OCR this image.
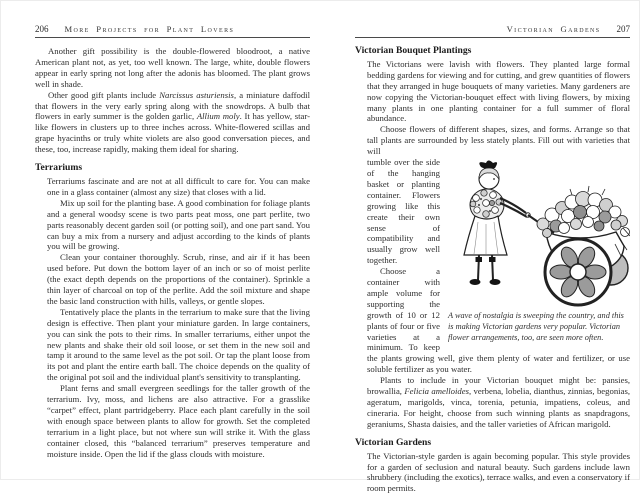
206 More Projects for Plant Lovers

Another gift possibility is the double-flowered bloodroot, a native American plant not, as yet, too well known. The large, white, double flowers appear in early spring not long after the adonis has bloomed. The plant grows well in shade.

Other good gift plants include Narcissus asturiensis, a miniature daffodil that flowers in the very early spring along with the snowdrops. A bulb that flowers in early summer is the golden garlic, Allium moly. It has yellow, star-like flowers in clusters up to three inches across. White-flowered scillas and grape hyacinths or truly white violets are also good conversation pieces, and these, too, increase rapidly, making them ideal for sharing.

Terrariums

Terrariums fascinate and are not at all difficult to care for. You can make one in a glass container (almost any size) that closes with a lid.

Mix up soil for the planting base. A good combination for foliage plants and a general woodsy scene is two parts peat moss, one part perlite, two parts reasonably decent garden soil (or potting soil), and one part sand. You can buy a mix from a nursery and adjust according to the kinds of plants you will be growing.

Clean your container thoroughly. Scrub, rinse, and air if it has been used before. Put down the bottom layer of an inch or so of moist perlite (the exact depth depends on the proportions of the container). Sprinkle a thin layer of charcoal on top of the perlite. Add the soil mixture and shape the basic land construction with hills, valleys, or gentle slopes.

Tentatively place the plants in the terrarium to make sure that the living design is effective. Then plant your miniature garden. In large containers, you can sink the pots to their rims. In smaller terrariums, either unpot the new plants and shake their old soil loose, or set them in the new soil and tamp it around to the same level as the pot soil. Or tap the plant loose from its pot and plant the entire earth ball. The choice depends on the quality of the original pot soil and the individual plant's sensitivity to transplanting.

Plant ferns and small evergreen seedlings for the taller growth of the terrarium. Ivy, moss, and lichens are also attractive. For a grasslike “carpet” effect, plant partridgeberry. Place each plant carefully in the soil with enough space between plants to allow for growth. Set the completed terrarium in a light place, but not where sun will strike it. With the glass container closed, this “balanced terrarium” preserves temperature and moisture inside. Open the lid if the glass clouds with moisture.

Victorian Gardens 207
Victorian Bouquet Plantings

The Victorians were lavish with flowers. They planted large formal bedding gardens for viewing and for cutting, and grew quantities of flowers that they arranged in huge bouquets of many varieties. Many gardeners are now copying the Victorian-bouquet effect with living flowers, by mixing many plants in one planting container for a full summer of floral abundance.

Choose flowers of different shapes, sizes, and forms. Arrange so that tall plants are surrounded by less stately plants. Fill out with varieties that will

A wave of nostalgia is sweeping the country, and this is making Victorian gardens very popular. Victorian flower arrangements, too, are seen more often.

tumble over the side of the hanging basket or planting container. Flowers growing like this create their own sense of compatibility and usually grow well together.

Choose a container with ample volume for supporting the growth of 10 or 12 plants of four or five varieties at a minimum. To keep the plants growing well, give them plenty of water and fertilizer, or use soluble fertilizer as you water.

Plants to include in your Victorian bouquet might be: pansies, browallia, Felicia amelloides, verbena, lobelia, dianthus, zinnias, begonias, ageratum, marigolds, vinca, torenia, petunia, impatiens, coleus, and cineraria. For height, choose from such winning plants as snapdragons, geraniums, Shasta daisies, and the taller varieties of African marigold.

Victorian Gardens

The Victorian-style garden is again becoming popular. This style provides for a garden of seclusion and natural beauty. Such gardens include lawn shrubbery (including the exotics), terrace walks, and even a conservatory if room permits.
